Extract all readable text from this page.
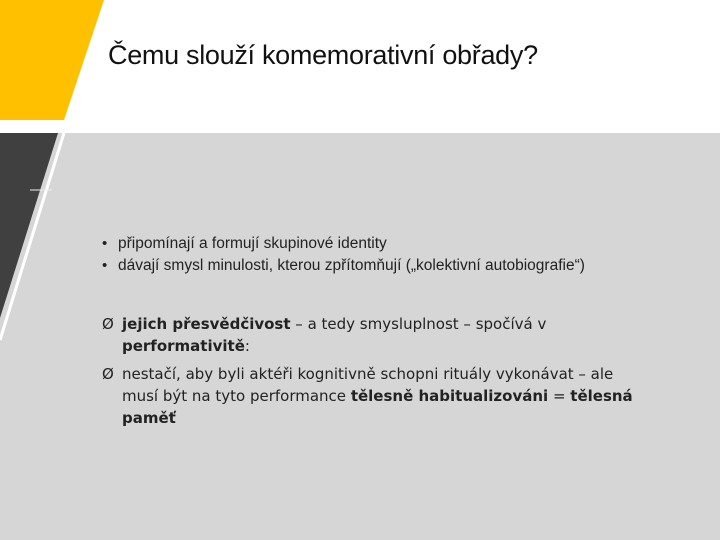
Čemu slouží komemorativní obřady?
• připomínají a formují skupinové identity
• dávají smysl minulosti, kterou zpřítomňují („kolektivní autobiografie“)
Ø jejich přesvědčivost – a tedy smysluplnost – spočívá v performativitě:
Ø nestačí, aby byli aktéři kognitivně schopni rituály vykonávat – ale musí být na tyto performance tělesně habitualizováni = tělesná paměť
